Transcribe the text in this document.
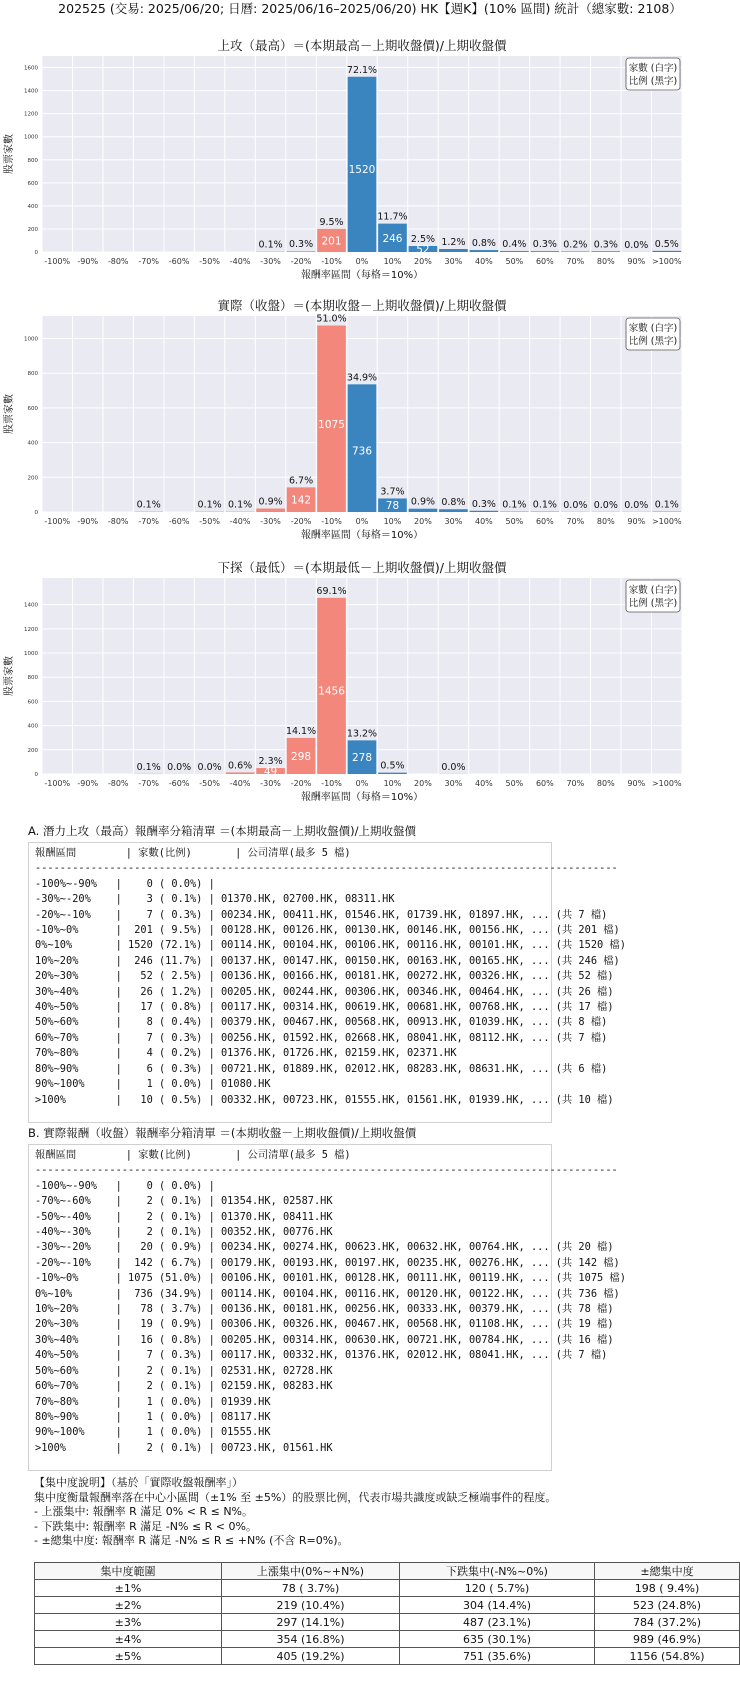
202525 (交易: 2025/06/20; 日曆: 2025/06/16–2025/06/20) HK【週K】(10% 區間) 統計（總家數: 2108）
上攻（最高）＝(本期最高－上期收盤價)/上期收盤價
0
200
400
600
800
1000
1200
1400
1600
-100% -90% -80% -70% -60% -50% -40%
0.1%
-30%
0.3%
-20%
201
9.5%
-10%
1520
72.1%
0%
246
11.7%
10%
52
2.5%
20%
1.2%
30%
0.8%
40%
0.4%
50%
0.3%
60%
0.2%
70%
0.3%
80%
0.0%
90%
0.5%
>100%
報酬率區間（每格＝10%）
股票家數
家數 (白字)
比例 (黑字)
實際（收盤）＝(本期收盤－上期收盤價)/上期收盤價
0
200
400
600
800
1000
-100% -90% -80%
0.1%
-70% -60%
0.1%
-50%
0.1%
-40%
0.9%
-30%
142
6.7%
-20%
1075
51.0%
-10%
736
34.9%
0%
78
3.7%
10%
0.9%
20%
0.8%
30%
0.3%
40%
0.1%
50%
0.1%
60%
0.0%
70%
0.0%
80%
0.0%
90%
0.1%
>100%
報酬率區間（每格＝10%）
股票家數
家數 (白字)
比例 (黑字)
下探（最低）＝(本期最低－上期收盤價)/上期收盤價
0
200
400
600
800
1000
1200
1400
-100% -90% -80%
0.1%
-70%
0.0%
-60%
0.0%
-50%
0.6%
-40%
49
2.3%
-30%
298
14.1%
-20%
1456
69.1%
-10%
278
13.2%
0%
0.5%
10% 20%
0.0%
30% 40% 50% 60% 70% 80% 90% >100%
報酬率區間（每格＝10%）
股票家數
家數 (白字)
比例 (黑字)
A. 潛力上攻（最高）報酬率分箱清單 ＝(本期最高－上期收盤價)/上期收盤價
報酬區間        | 家數(比例)       | 公司清單(最多 5 檔)
----------------------------------------------------------------------------------------------
-100%~-90%   |    0 ( 0.0%) |
-30%~-20%    |    3 ( 0.1%) | 01370.HK, 02700.HK, 08311.HK
-20%~-10%    |    7 ( 0.3%) | 00234.HK, 00411.HK, 01546.HK, 01739.HK, 01897.HK, ... (共 7 檔)
-10%~0%      |  201 ( 9.5%) | 00128.HK, 00126.HK, 00130.HK, 00146.HK, 00156.HK, ... (共 201 檔)
0%~10%       | 1520 (72.1%) | 00114.HK, 00104.HK, 00106.HK, 00116.HK, 00101.HK, ... (共 1520 檔)
10%~20%      |  246 (11.7%) | 00137.HK, 00147.HK, 00150.HK, 00163.HK, 00165.HK, ... (共 246 檔)
20%~30%      |   52 ( 2.5%) | 00136.HK, 00166.HK, 00181.HK, 00272.HK, 00326.HK, ... (共 52 檔)
30%~40%      |   26 ( 1.2%) | 00205.HK, 00244.HK, 00306.HK, 00346.HK, 00464.HK, ... (共 26 檔)
40%~50%      |   17 ( 0.8%) | 00117.HK, 00314.HK, 00619.HK, 00681.HK, 00768.HK, ... (共 17 檔)
50%~60%      |    8 ( 0.4%) | 00379.HK, 00467.HK, 00568.HK, 00913.HK, 01039.HK, ... (共 8 檔)
60%~70%      |    7 ( 0.3%) | 00256.HK, 01592.HK, 02668.HK, 08041.HK, 08112.HK, ... (共 7 檔)
70%~80%      |    4 ( 0.2%) | 01376.HK, 01726.HK, 02159.HK, 02371.HK
80%~90%      |    6 ( 0.3%) | 00721.HK, 01889.HK, 02012.HK, 08283.HK, 08631.HK, ... (共 6 檔)
90%~100%     |    1 ( 0.0%) | 01080.HK
>100%        |   10 ( 0.5%) | 00332.HK, 00723.HK, 01555.HK, 01561.HK, 01939.HK, ... (共 10 檔)
B. 實際報酬（收盤）報酬率分箱清單 ＝(本期收盤－上期收盤價)/上期收盤價
報酬區間        | 家數(比例)       | 公司清單(最多 5 檔)
----------------------------------------------------------------------------------------------
-100%~-90%   |    0 ( 0.0%) |
-70%~-60%    |    2 ( 0.1%) | 01354.HK, 02587.HK
-50%~-40%    |    2 ( 0.1%) | 01370.HK, 08411.HK
-40%~-30%    |    2 ( 0.1%) | 00352.HK, 00776.HK
-30%~-20%    |   20 ( 0.9%) | 00234.HK, 00274.HK, 00623.HK, 00632.HK, 00764.HK, ... (共 20 檔)
-20%~-10%    |  142 ( 6.7%) | 00179.HK, 00193.HK, 00197.HK, 00235.HK, 00276.HK, ... (共 142 檔)
-10%~0%      | 1075 (51.0%) | 00106.HK, 00101.HK, 00128.HK, 00111.HK, 00119.HK, ... (共 1075 檔)
0%~10%       |  736 (34.9%) | 00114.HK, 00104.HK, 00116.HK, 00120.HK, 00122.HK, ... (共 736 檔)
10%~20%      |   78 ( 3.7%) | 00136.HK, 00181.HK, 00256.HK, 00333.HK, 00379.HK, ... (共 78 檔)
20%~30%      |   19 ( 0.9%) | 00306.HK, 00326.HK, 00467.HK, 00568.HK, 01108.HK, ... (共 19 檔)
30%~40%      |   16 ( 0.8%) | 00205.HK, 00314.HK, 00630.HK, 00721.HK, 00784.HK, ... (共 16 檔)
40%~50%      |    7 ( 0.3%) | 00117.HK, 00332.HK, 01376.HK, 02012.HK, 08041.HK, ... (共 7 檔)
50%~60%      |    2 ( 0.1%) | 02531.HK, 02728.HK
60%~70%      |    2 ( 0.1%) | 02159.HK, 08283.HK
70%~80%      |    1 ( 0.0%) | 01939.HK
80%~90%      |    1 ( 0.0%) | 08117.HK
90%~100%     |    1 ( 0.0%) | 01555.HK
>100%        |    2 ( 0.1%) | 00723.HK, 01561.HK
【集中度說明】（基於「實際收盤報酬率」）
集中度衡量報酬率落在中心小區間（±1% 至 ±5%）的股票比例，代表市場共識度或缺乏極端事件的程度。
- 上漲集中: 報酬率 R 滿足 0% < R ≤ N%。
- 下跌集中: 報酬率 R 滿足 -N% ≤ R < 0%。
- ±總集中度: 報酬率 R 滿足 -N% ≤ R ≤ +N% (不含 R=0%)。
集中度範圍	上漲集中(0%~+N%)	下跌集中(-N%~0%)	±總集中度
±1%	78 ( 3.7%)	120 ( 5.7%)	198 ( 9.4%)
±2%	219 (10.4%)	304 (14.4%)	523 (24.8%)
±3%	297 (14.1%)	487 (23.1%)	784 (37.2%)
±4%	354 (16.8%)	635 (30.1%)	989 (46.9%)
±5%	405 (19.2%)	751 (35.6%)	1156 (54.8%)
